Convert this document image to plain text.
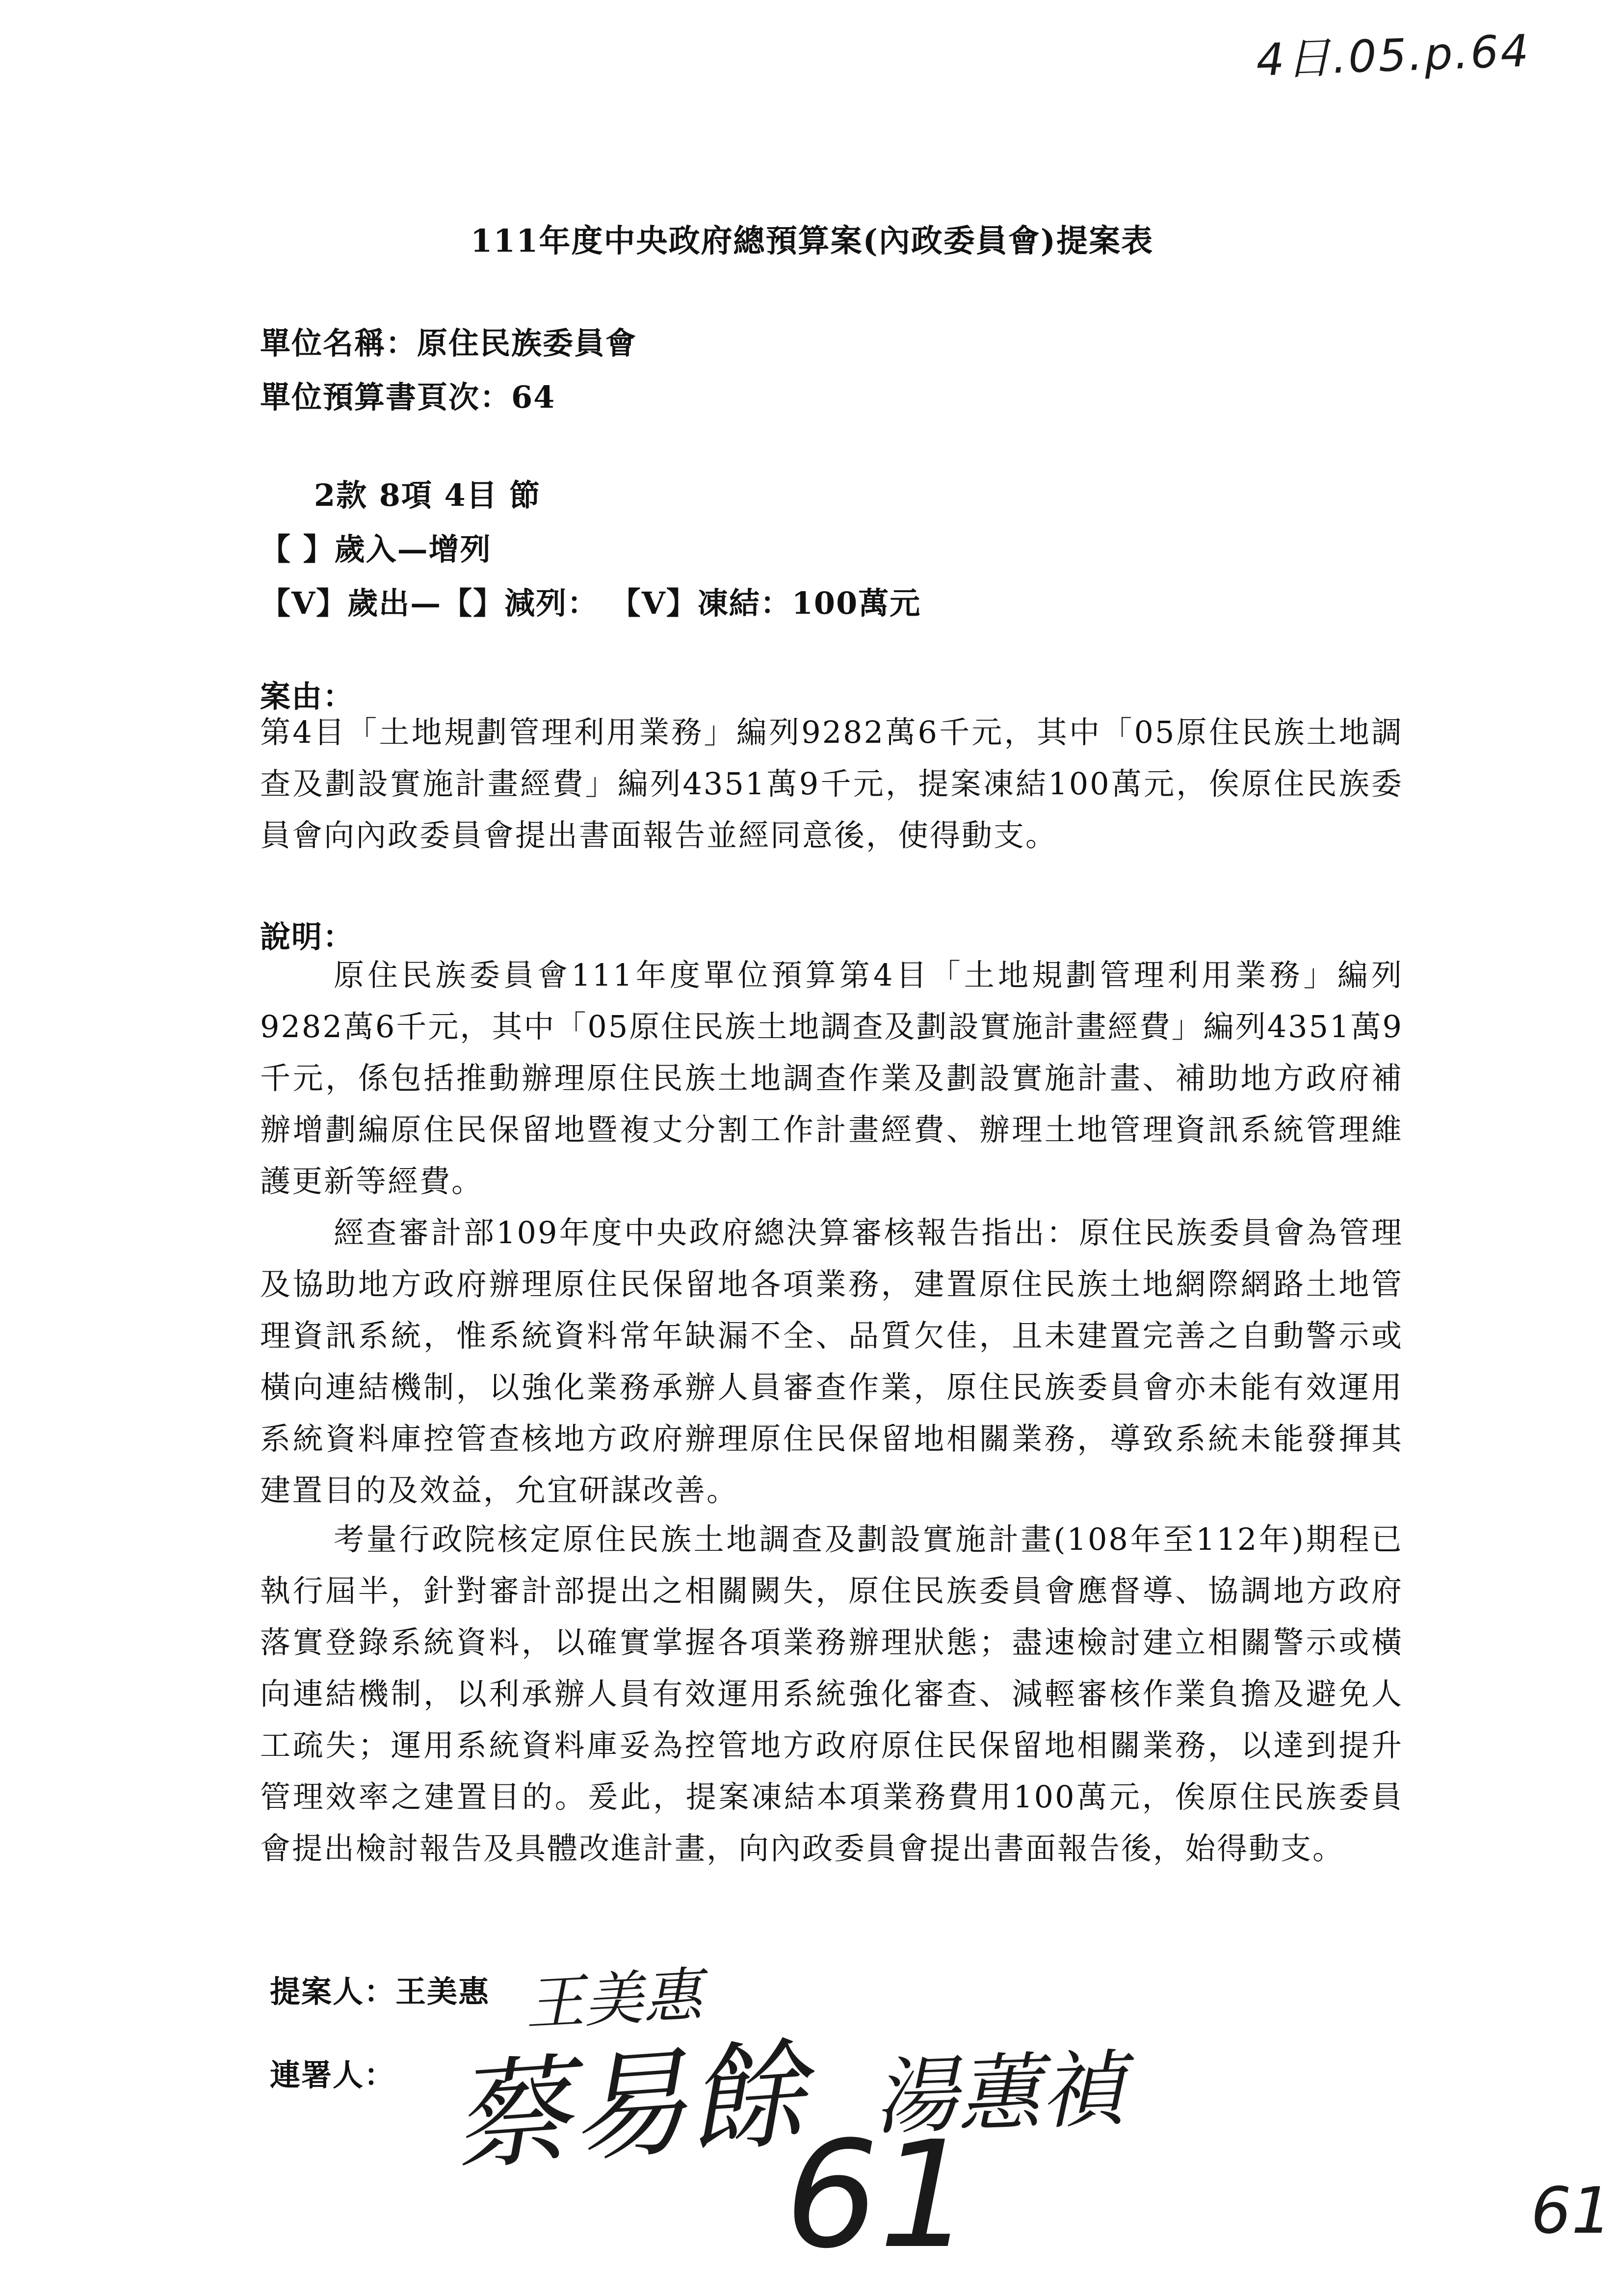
4日.05.p.64
111年度中央政府總預算案(內政委員會)提案表
單位名稱：原住民族委員會
單位預算書頁次：64
2款 8項 4目 節
【 】歲入—增列
【V】歲出—【】減列： 【V】凍結：100萬元
案由：
第4目「土地規劃管理利用業務」編列9282萬6千元，其中「05原住民族土地調查及劃設實施計畫經費」編列4351萬9千元，提案凍結100萬元，俟原住民族委員會向內政委員會提出書面報告並經同意後，使得動支。
說明：
原住民族委員會111年度單位預算第4目「土地規劃管理利用業務」編列9282萬6千元，其中「05原住民族土地調查及劃設實施計畫經費」編列4351萬9千元，係包括推動辦理原住民族土地調查作業及劃設實施計畫、補助地方政府補辦增劃編原住民保留地暨複丈分割工作計畫經費、辦理土地管理資訊系統管理維護更新等經費。
經查審計部109年度中央政府總決算審核報告指出：原住民族委員會為管理及協助地方政府辦理原住民保留地各項業務，建置原住民族土地網際網路土地管理資訊系統，惟系統資料常年缺漏不全、品質欠佳，且未建置完善之自動警示或橫向連結機制，以強化業務承辦人員審查作業，原住民族委員會亦未能有效運用系統資料庫控管查核地方政府辦理原住民保留地相關業務，導致系統未能發揮其建置目的及效益，允宜研謀改善。
考量行政院核定原住民族土地調查及劃設實施計畫(108年至112年)期程已執行屆半，針對審計部提出之相關闕失，原住民族委員會應督導、協調地方政府落實登錄系統資料，以確實掌握各項業務辦理狀態；盡速檢討建立相關警示或橫向連結機制，以利承辦人員有效運用系統強化審查、減輕審核作業負擔及避免人工疏失；運用系統資料庫妥為控管地方政府原住民保留地相關業務，以達到提升管理效率之建置目的。爰此，提案凍結本項業務費用100萬元，俟原住民族委員會提出檢討報告及具體改進計畫，向內政委員會提出書面報告後，始得動支。
提案人：王美惠
連署人：
王美惠
蔡易餘 湯蕙禎
61	61
